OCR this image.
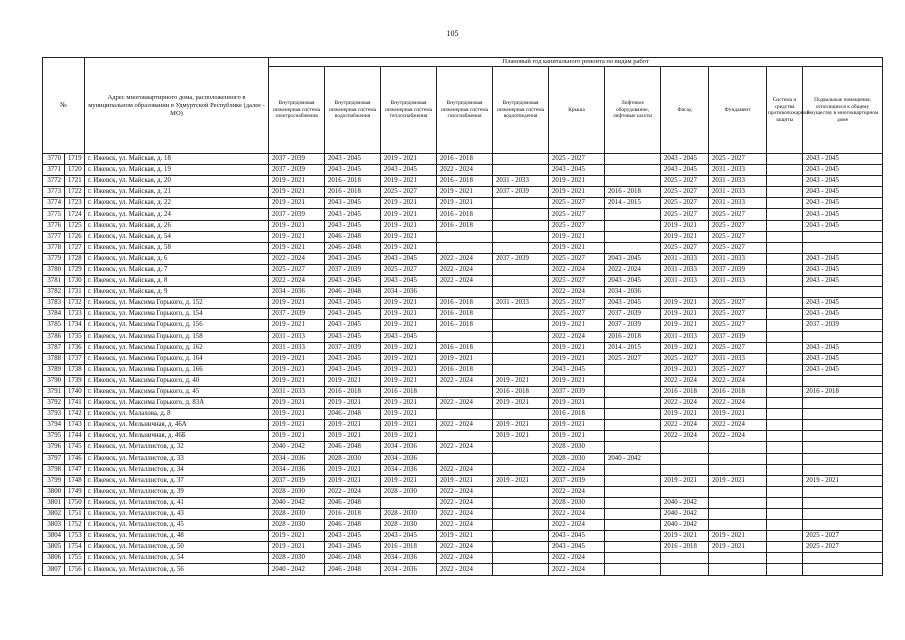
105
№		Адрес многоквартирного дома, расположенного в муниципальном образовании в Удмуртской Республике (далее - МО)	Плановый год капитального ремонта по видам работ										
			Внутридомовая инженерная система электроснабжения	Внутридомовая инженерная система водоснабжения	Внутридомовая инженерная система теплоснабжения	Внутридомовая инженерная система газоснабжения	Внутридомовая инженерная система водоотведения	Крыша	Лифтовое оборудование, лифтовые шахты	Фасад	Фундамент	Система и средства противопожарной защиты	Подвальные помещения, относящиеся к общему имуществу в многоквартирном доме
3770	1719	г. Ижевск, ул. Майская, д. 18	2037 - 2039	2043 - 2045	2019 - 2021	2016 - 2018		2025 - 2027		2043 - 2045	2025 - 2027		2043 - 2045
3771	1720	г. Ижевск, ул. Майская, д. 19	2037 - 2039	2043 - 2045	2043 - 2045	2022 - 2024		2043 - 2045		2043 - 2045	2031 - 2033		2043 - 2045
3772	1721	г. Ижевск, ул. Майская, д. 20	2019 - 2021	2016 - 2018	2019 - 2021	2016 - 2018	2031 - 2033	2019 - 2021		2025 - 2027	2031 - 2033		2043 - 2045
3773	1722	г. Ижевск, ул. Майская, д. 21	2019 - 2021	2016 - 2018	2025 - 2027	2019 - 2021	2037 - 2039	2019 - 2021	2016 - 2018	2025 - 2027	2031 - 2033		2043 - 2045
3774	1723	г. Ижевск, ул. Майская, д. 22	2019 - 2021	2043 - 2045	2019 - 2021	2019 - 2021		2025 - 2027	2014 - 2015	2025 - 2027	2031 - 2033		2043 - 2045
3775	1724	г. Ижевск, ул. Майская, д. 24	2037 - 2039	2043 - 2045	2019 - 2021	2016 - 2018		2025 - 2027		2025 - 2027	2025 - 2027		2043 - 2045
3776	1725	г. Ижевск, ул. Майская, д. 26	2019 - 2021	2043 - 2045	2019 - 2021	2016 - 2018		2025 - 2027		2019 - 2021	2025 - 2027		2043 - 2045
3777	1726	г. Ижевск, ул. Майская, д. 54	2019 - 2021	2046 - 2048	2019 - 2021			2019 - 2021		2019 - 2021	2025 - 2027		
3778	1727	г. Ижевск, ул. Майская, д. 58	2019 - 2021	2046 - 2048	2019 - 2021			2019 - 2021		2025 - 2027	2025 - 2027		
3779	1728	г. Ижевск, ул. Майская, д. 6	2022 - 2024	2043 - 2045	2043 - 2045	2022 - 2024	2037 - 2039	2025 - 2027	2043 - 2045	2031 - 2033	2031 - 2033		2043 - 2045
3780	1729	г. Ижевск, ул. Майская, д. 7	2025 - 2027	2037 - 2039	2025 - 2027	2022 - 2024		2022 - 2024	2022 - 2024	2031 - 2033	2037 - 2039		2043 - 2045
3781	1730	г. Ижевск, ул. Майская, д. 8	2022 - 2024	2043 - 2045	2043 - 2045	2022 - 2024		2025 - 2027	2043 - 2045	2031 - 2033	2031 - 2033		2043 - 2045
3782	1731	г. Ижевск, ул. Майская, д. 9	2034 - 2036	2046 - 2048	2034 - 2036			2022 - 2024	2034 - 2036				
3783	1732	г. Ижевск, ул. Максима Горького, д. 152	2019 - 2021	2043 - 2045	2019 - 2021	2016 - 2018	2031 - 2033	2025 - 2027	2043 - 2045	2019 - 2021	2025 - 2027		2043 - 2045
3784	1733	г. Ижевск, ул. Максима Горького, д. 154	2037 - 2039	2043 - 2045	2019 - 2021	2016 - 2018		2025 - 2027	2037 - 2039	2019 - 2021	2025 - 2027		2043 - 2045
3785	1734	г. Ижевск, ул. Максима Горького, д. 156	2019 - 2021	2043 - 2045	2019 - 2021	2016 - 2018		2019 - 2021	2037 - 2039	2019 - 2021	2025 - 2027		2037 - 2039
3786	1735	г. Ижевск, ул. Максима Горького, д. 158	2031 - 2033	2043 - 2045	2043 - 2045			2022 - 2024	2016 - 2018	2031 - 2033	2037 - 2039		
3787	1736	г. Ижевск, ул. Максима Горького, д. 162	2031 - 2033	2037 - 2039	2019 - 2021	2016 - 2018		2019 - 2021	2014 - 2015	2019 - 2021	2025 - 2027		2043 - 2045
3788	1737	г. Ижевск, ул. Максима Горького, д. 164	2019 - 2021	2043 - 2045	2019 - 2021	2019 - 2021		2019 - 2021	2025 - 2027	2025 - 2027	2031 - 2033		2043 - 2045
3789	1738	г. Ижевск, ул. Максима Горького, д. 166	2019 - 2021	2043 - 2045	2019 - 2021	2016 - 2018		2043 - 2045		2019 - 2021	2025 - 2027		2043 - 2045
3790	1739	г. Ижевск, ул. Максима Горького, д. 40	2019 - 2021	2019 - 2021	2019 - 2021	2022 - 2024	2019 - 2021	2019 - 2021		2022 - 2024	2022 - 2024		
3791	1740	г. Ижевск, ул. Максима Горького, д. 45	2031 - 2033	2016 - 2018	2016 - 2018		2016 - 2018	2037 - 2039		2016 - 2018	2016 - 2018		2016 - 2018
3792	1741	г. Ижевск, ул. Максима Горького, д. 83А	2019 - 2021	2019 - 2021	2019 - 2021	2022 - 2024	2019 - 2021	2019 - 2021		2022 - 2024	2022 - 2024		
3793	1742	г. Ижевск, ул. Малахова, д. 8	2019 - 2021	2046 - 2048	2019 - 2021			2016 - 2018		2019 - 2021	2019 - 2021		
3794	1743	г. Ижевск, ул. Мельничная, д. 46А	2019 - 2021	2019 - 2021	2019 - 2021	2022 - 2024	2019 - 2021	2019 - 2021		2022 - 2024	2022 - 2024		
3795	1744	г. Ижевск, ул. Мельничная, д. 46Б	2019 - 2021	2019 - 2021	2019 - 2021		2019 - 2021	2019 - 2021		2022 - 2024	2022 - 2024		
3796	1745	г. Ижевск, ул. Металлистов, д. 32	2040 - 2042	2046 - 2048	2034 - 2036	2022 - 2024		2028 - 2030					
3797	1746	г. Ижевск, ул. Металлистов, д. 33	2034 - 2036	2028 - 2030	2034 - 2036			2028 - 2030	2040 - 2042				
3798	1747	г. Ижевск, ул. Металлистов, д. 34	2034 - 2036	2019 - 2021	2034 - 2036	2022 - 2024		2022 - 2024					
3799	1748	г. Ижевск, ул. Металлистов, д. 37	2037 - 2039	2019 - 2021	2019 - 2021	2019 - 2021	2019 - 2021	2037 - 2039		2019 - 2021	2019 - 2021		2019 - 2021
3800	1749	г. Ижевск, ул. Металлистов, д. 39	2028 - 2030	2022 - 2024	2028 - 2030	2022 - 2024		2022 - 2024					
3801	1750	г. Ижевск, ул. Металлистов, д. 41	2040 - 2042	2046 - 2048		2022 - 2024		2028 - 2030		2040 - 2042			
3802	1751	г. Ижевск, ул. Металлистов, д. 43	2028 - 2030	2016 - 2018	2028 - 2030	2022 - 2024		2022 - 2024		2040 - 2042			
3803	1752	г. Ижевск, ул. Металлистов, д. 45	2028 - 2030	2046 - 2048	2028 - 2030	2022 - 2024		2022 - 2024		2040 - 2042			
3804	1753	г. Ижевск, ул. Металлистов, д. 48	2019 - 2021	2043 - 2045	2043 - 2045	2019 - 2021		2043 - 2045		2019 - 2021	2019 - 2021		2025 - 2027
3805	1754	г. Ижевск, ул. Металлистов, д. 50	2019 - 2021	2043 - 2045	2016 - 2018	2022 - 2024		2043 - 2045		2016 - 2018	2019 - 2021		2025 - 2027
3806	1755	г. Ижевск, ул. Металлистов, д. 54	2028 - 2030	2046 - 2048	2034 - 2036	2022 - 2024		2022 - 2024					
3807	1756	г. Ижевск, ул. Металлистов, д. 56	2040 - 2042	2046 - 2048	2034 - 2036	2022 - 2024		2022 - 2024					
